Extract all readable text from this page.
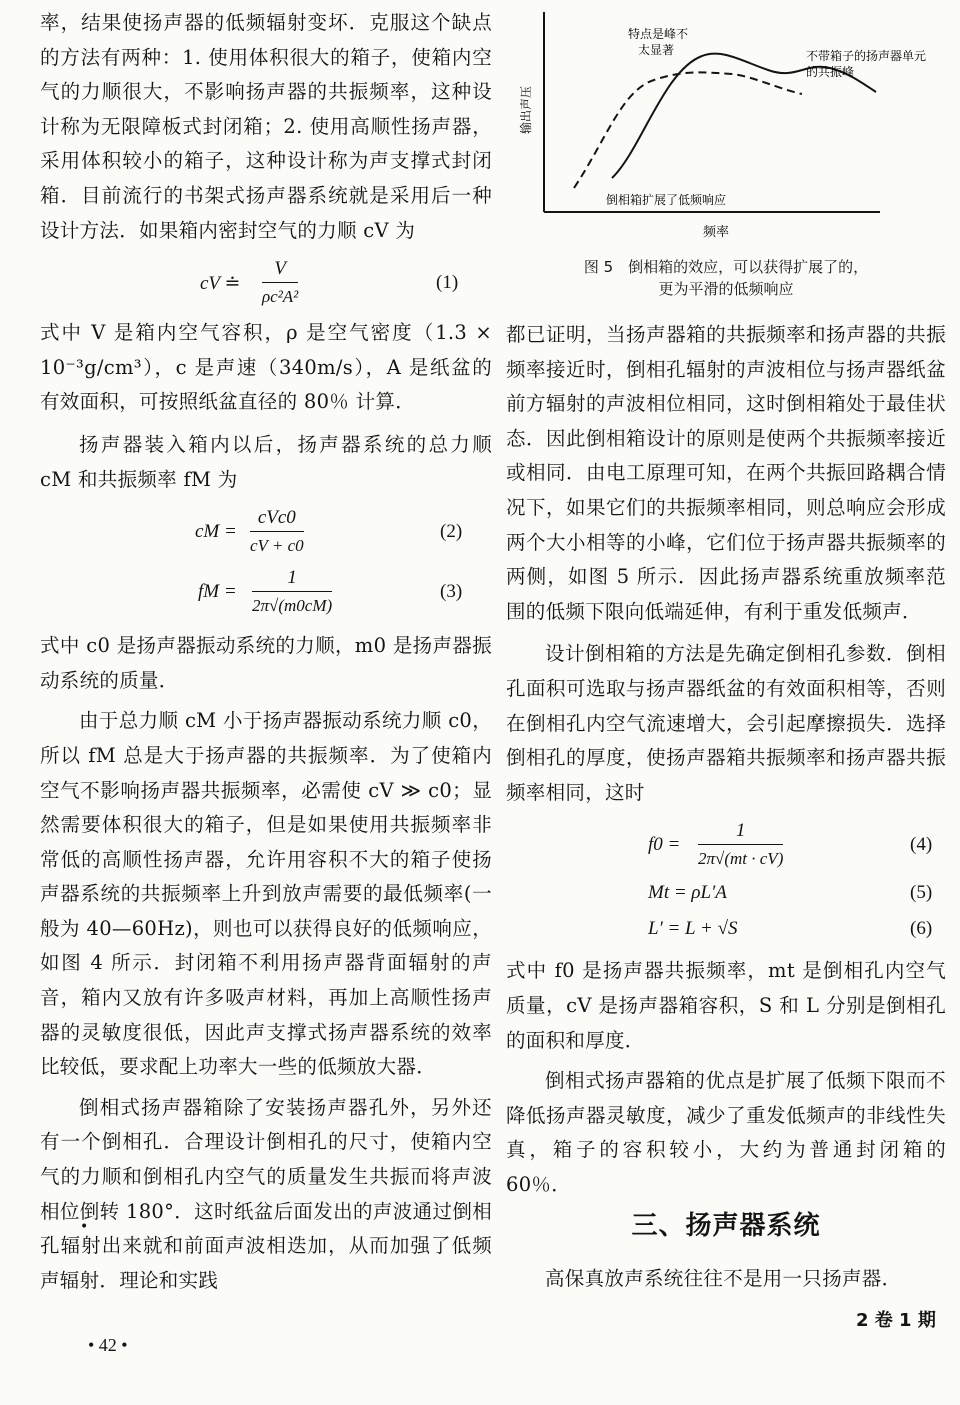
率，结果使扬声器的低频辐射变坏．克服这个缺点的方法有两种：1. 使用体积很大的箱子，使箱内空气的力顺很大，不影响扬声器的共振频率，这种设计称为无限障板式封闭箱；2. 使用高顺性扬声器，采用体积较小的箱子，这种设计称为声支撑式封闭箱．目前流行的书架式扬声器系统就是采用后一种设计方法．如果箱内密封空气的力顺 cV 为

cV ≐ $\frac{V}{\text{ρc²A²}}$	(1)

式中 V 是箱内空气容积，ρ 是空气密度（1.3 × 10⁻³g/cm³），c 是声速（340m/s），A 是纸盆的有效面积，可按照纸盆直径的 80％ 计算．

扬声器装入箱内以后，扬声器系统的总力顺 cM 和共振频率 fM 为

cM =
cVc0
cV + c0
(2)
fM = $\frac{1}{2\pi√(m0cM)}$	(3)

式中 c0 是扬声器振动系统的力顺，m0 是扬声器振动系统的质量．

由于总力顺 cM 小于扬声器振动系统力顺 c0，所以 fM 总是大于扬声器的共振频率．为了使箱内空气不影响扬声器共振频率，必需使 cV ≫ c0；显然需要体积很大的箱子，但是如果使用共振频率非常低的高顺性扬声器，允许用容积不大的箱子使扬声器系统的共振频率上升到放声需要的最低频率(一般为 40—60Hz)，则也可以获得良好的低频响应，如图 4 所示．封闭箱不利用扬声器背面辐射的声音，箱内又放有许多吸声材料，再加上高顺性扬声器的灵敏度很低，因此声支撑式扬声器系统的效率比较低，要求配上功率大一些的低频放大器．

倒相式扬声器箱除了安装扬声器孔外，另外还有一个倒相孔．合理设计倒相孔的尺寸，使箱内空气的力顺和倒相孔内空气的质量发生共振而将声波相位倒转 180°．这时纸盆后面发出的声波通过倒相孔辐射出来就和前面声波相迭加，从而加强了低频声辐射．理论和实践

输出声压
频率
特点是峰不
太显著	不带箱子的扬声器单元
的共振峰
倒相箱扩展了低频响应
图 5　倒相箱的效应，可以获得扩展了的，
更为平滑的低频响应

都已证明，当扬声器箱的共振频率和扬声器的共振频率接近时，倒相孔辐射的声波相位与扬声器纸盆前方辐射的声波相位相同，这时倒相箱处于最佳状态．因此倒相箱设计的原则是使两个共振频率接近或相同．由电工原理可知，在两个共振回路耦合情况下，如果它们的共振频率相同，则总响应会形成两个大小相等的小峰，它们位于扬声器共振频率的两侧，如图 5 所示．因此扬声器系统重放频率范围的低频下限向低端延伸，有利于重发低频声．

设计倒相箱的方法是先确定倒相孔参数．倒相孔面积可选取与扬声器纸盆的有效面积相等，否则在倒相孔内空气流速增大，会引起摩擦损失．选择倒相孔的厚度，使扬声器箱共振频率和扬声器共振频率相同，这时

$f0 = \frac{1}{2\pi√(mt \cdot cV)}$	(4)
Mt = ρL′A	(5)
L′ = L + √S	(6)

式中 f0 是扬声器共振频率，mt 是倒相孔内空气质量，cV 是扬声器箱容积，S 和 L 分别是倒相孔的面积和厚度．

倒相式扬声器箱的优点是扩展了低频下限而不降低扬声器灵敏度，减少了重发低频声的非线性失真，箱子的容积较小，大约为普通封闭箱的 60％．

三、扬声器系统

高保真放声系统往往不是用一只扬声器．

•
• 42 •
2 卷 1 期
